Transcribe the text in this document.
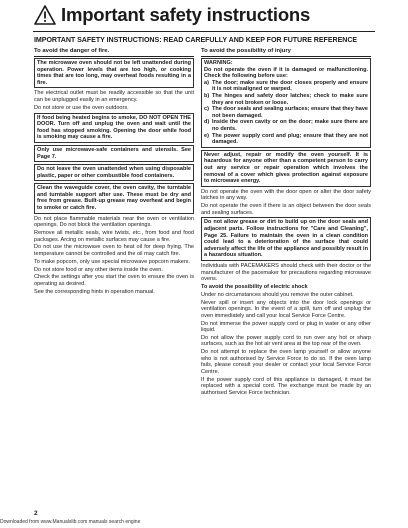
Important safety instructions
IMPORTANT SAFETY INSTRUCTIONS: READ CAREFULLY AND KEEP FOR FUTURE REFERENCE
To avoid the danger of fire.
The microwave oven should not be left unattended during operation. Power levels that are too high, or cooking times that are too long, may overheat foods resulting in a fire.
The electrical outlet must be readily accessible so that the unit can be unplugged easily in an emergency.
Do not store or use the oven outdoors.
If food being heated begins to smoke, DO NOT OPEN THE DOOR. Turn off and unplug the oven and wait until the food has stopped smoking. Opening the door while food is smoking may cause a fire.
Only use microwave-safe containers and utensils. See Page 7.
Do not leave the oven unattended when using disposable plastic, paper or other combustible food containers.
Clean the waveguide cover, the oven cavity, the turntable and turntable support after use. These must be dry and free from grease. Built-up grease may overheat and begin to smoke or catch fire.
Do not place flammable materials near the oven or ventilation openings. Do not block the ventilation openings.
Remove all metallic seals, wire twists, etc., from food and food packages. Arcing on metallic surfaces may cause a fire.
Do not use the microwave oven to heat oil for deep frying. The temperature cannot be controlled and the oil may catch fire.
To make popcorn, only use special microwave popcorn makers.
Do not store food or any other items inside the oven.
Check the settings after you start the oven to ensure the oven is operating as desired.
See the corresponding hints in operation manual.
To avoid the possibility of injury
WARNING:
Do not operate the oven if it is damaged or malfunctioning. Check the following before use:
a) The door; make sure the door closes properly and ensure it is not misaligned or warped.
b) The hinges and safety door latches; check to make sure they are not broken or loose.
c) The door seals and sealing surfaces; ensure that they have not been damaged.
d) Inside the oven cavity or on the door; make sure there are no dents.
e) The power supply cord and plug; ensure that they are not damaged.
Never adjust, repair or modify the oven yourself. It is hazardous for anyone other than a competent person to carry out any service or repair operation which involves the removal of a cover which gives protection against exposure to microwave energy.
Do not operate the oven with the door open or alter the door safety latches in any way.
Do not operate the oven if there is an object between the door seals and sealing surfaces.
Do not allow grease or dirt to build up on the door seals and adjacent parts. Follow instructions for "Care and Cleaning", Page 25. Failure to maintain the oven in a clean condition could lead to a deterioration of the surface that could adversely affect the life of the appliance and possibly result in a hazardous situation.
Individuals with PACEMAKERS should check with their doctor or the manufacturer of the pacemaker for precautions regarding microwave ovens.
To avoid the possibility of electric shock
Under no circumstances should you remove the outer cabinet.
Never spill or insert any objects into the door lock openings or ventilation openings. In the event of a spill, turn off and unplug the oven immediately and call your local Service Force Centre.
Do not immerse the power supply cord or plug in water or any other liquid.
Do not allow the power supply cord to run over any hot or sharp surfaces, such as the hot air vent area at the top rear of the oven.
Do not attempt to replace the oven lamp yourself or allow anyone who is not authorised by Service Force to do so. If the oven lamp fails, please consult your dealer or contact your local Service Force Centre.
If the power supply cord of this appliance is damaged, it must be replaced with a special cord. The exchange must be made by an authorised Service Force technician.
2
Downloaded from www.Manualslib.com manuals search engine
